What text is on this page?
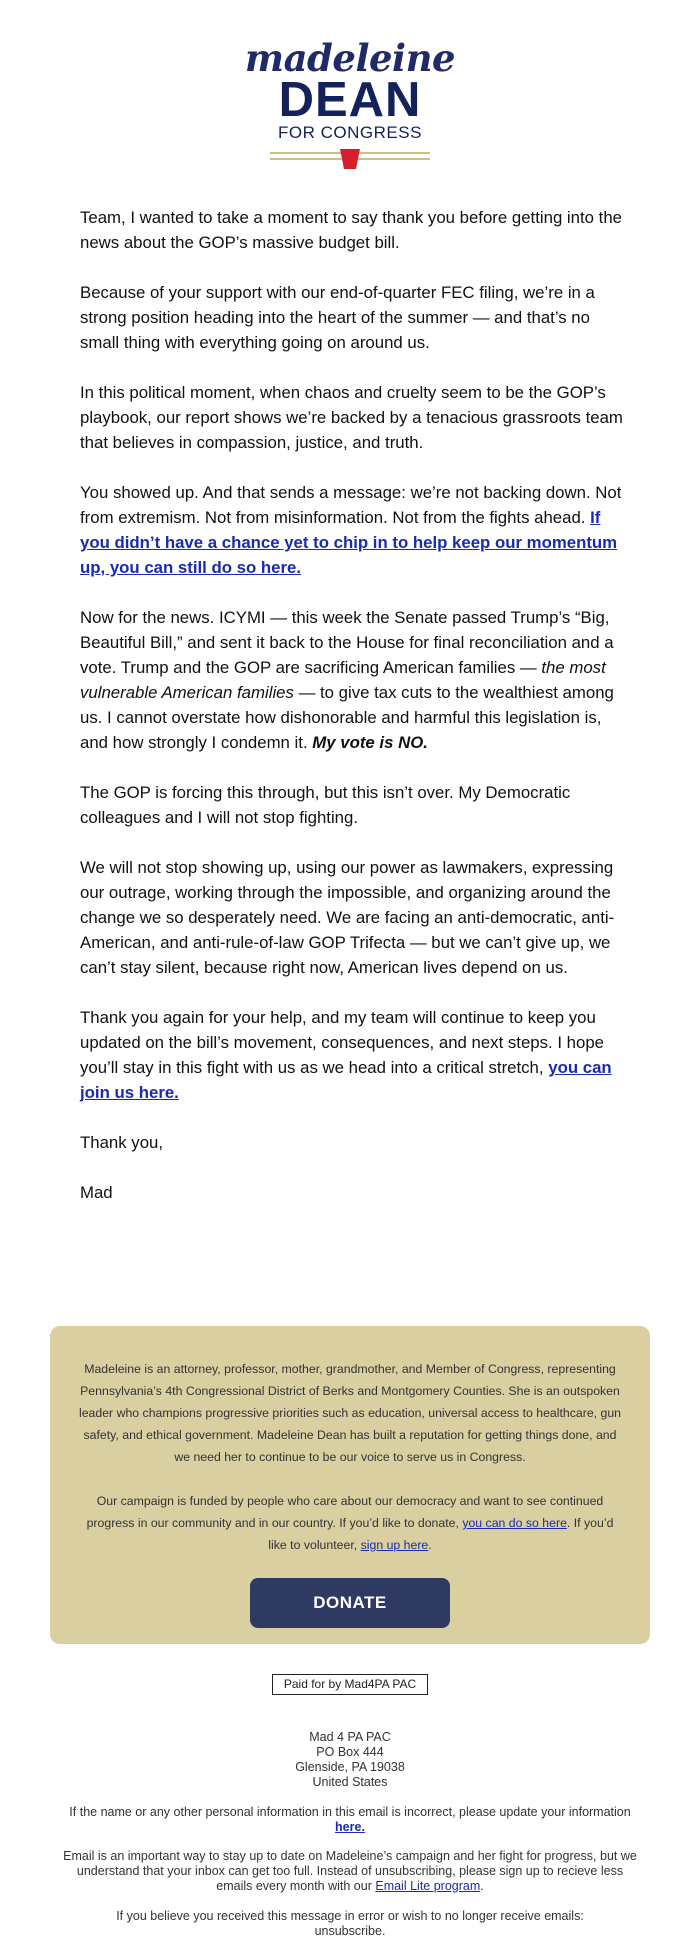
madeleine
DEAN
FOR CONGRESS

Team, I wanted to take a moment to say thank you before getting into the news about the GOP’s massive budget bill.

Because of your support with our end-of-quarter FEC filing, we’re in a strong position heading into the heart of the summer — and that’s no small thing with everything going on around us.

In this political moment, when chaos and cruelty seem to be the GOP’s playbook, our report shows we’re backed by a tenacious grassroots team that believes in compassion, justice, and truth.

You showed up. And that sends a message: we’re not backing down. Not from extremism. Not from misinformation. Not from the fights ahead. If you didn’t have a chance yet to chip in to help keep our momentum up, you can still do so here.

Now for the news. ICYMI — this week the Senate passed Trump’s “Big, Beautiful Bill,” and sent it back to the House for final reconciliation and a vote. Trump and the GOP are sacrificing American families — the most vulnerable American families — to give tax cuts to the wealthiest among us. I cannot overstate how dishonorable and harmful this legislation is, and how strongly I condemn it. My vote is NO.

The GOP is forcing this through, but this isn’t over. My Democratic colleagues and I will not stop fighting.

We will not stop showing up, using our power as lawmakers, expressing our outrage, working through the impossible, and organizing around the change we so desperately need. We are facing an anti-democratic, anti-American, and anti-rule-of-law GOP Trifecta — but we can’t give up, we can’t stay silent, because right now, American lives depend on us.

Thank you again for your help, and my team will continue to keep you updated on the bill’s movement, consequences, and next steps. I hope you’ll stay in this fight with us as we head into a critical stretch, you can join us here.

Thank you,

Mad

Madeleine is an attorney, professor, mother, grandmother, and Member of Congress, representing Pennsylvania’s 4th Congressional District of Berks and Montgomery Counties. She is an outspoken leader who champions progressive priorities such as education, universal access to healthcare, gun safety, and ethical government. Madeleine Dean has built a reputation for getting things done, and we need her to continue to be our voice to serve us in Congress.

Our campaign is funded by people who care about our democracy and want to see continued progress in our community and in our country. If you’d like to donate, you can do so here. If you’d like to volunteer, sign up here.

DONATE
Paid for by Mad4PA PAC
Mad 4 PA PAC
PO Box 444
Glenside, PA 19038
United States
If the name or any other personal information in this email is incorrect, please update your information
here.
Email is an important way to stay up to date on Madeleine’s campaign and her fight for progress, but we understand that your inbox can get too full. Instead of unsubscribing, please sign up to recieve less emails every month with our Email Lite program.
If you believe you received this message in error or wish to no longer receive emails:
unsubscribe.
